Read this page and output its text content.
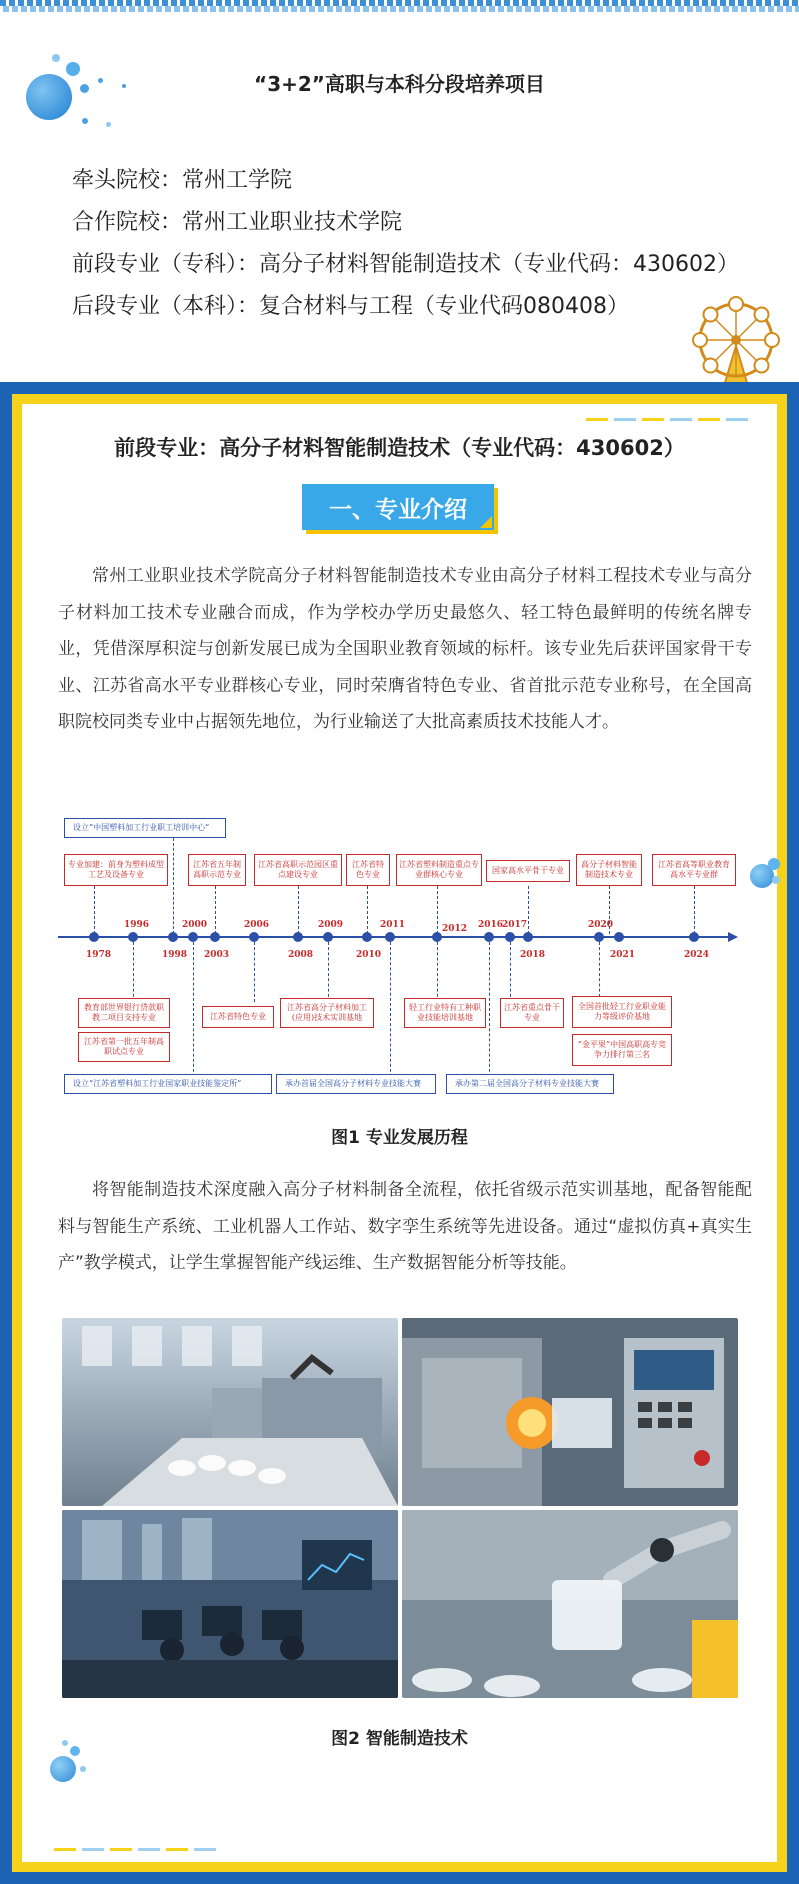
“3+2”高职与本科分段培养项目
牵头院校：常州工学院
合作院校：常州工业职业技术学院
前段专业（专科）：高分子材料智能制造技术（专业代码：430602）
后段专业（本科）：复合材料与工程（专业代码080408）
前段专业：高分子材料智能制造技术（专业代码：430602）
一、专业介绍
常州工业职业技术学院高分子材料智能制造技术专业由高分子材料工程技术专业与高分子材料加工技术专业融合而成，作为学校办学历史最悠久、轻工特色最鲜明的传统名牌专业，凭借深厚积淀与创新发展已成为全国职业教育领域的标杆。该专业先后获评国家骨干专业、江苏省高水平专业群核心专业，同时荣膺省特色专业、省首批示范专业称号，在全国高职院校同类专业中占据领先地位，为行业输送了大批高素质技术技能人才。
设立“中国塑料加工行业职工培训中心”
专业加建：前身为塑料成型工艺及设备专业
江苏省五年制高职示范专业
江苏省高职示范园区重点建设专业
江苏省特色专业
江苏省塑料制造重点专业群核心专业	国家高水平骨干专业
高分子材料智能制造技术专业
江苏省高等职业教育高水平专业群
1978
1996
1998
2000
2003
2006
2008
2009
2010
2011	2012 2016
2017
2018
2020
2021	2024
教育部世界银行贷款职教二项目支持专业
江苏省第一批五年制高职试点专业
江苏省特色专业
江苏省高分子材料加工(应用)技术实训基地
轻工行业特有工种职业技能培训基地
江苏省重点骨干专业
全国首批轻工行业职业能力等级评价基地
“金平果”中国高职高专竞争力排行第三名
设立“江苏省塑料加工行业国家职业技能鉴定所”	承办首届全国高分子材料专业技能大赛	承办第二届全国高分子材料专业技能大赛
图1 专业发展历程
将智能制造技术深度融入高分子材料制备全流程，依托省级示范实训基地，配备智能配料与智能生产系统、工业机器人工作站、数字孪生系统等先进设备。通过“虚拟仿真+真实生产”教学模式，让学生掌握智能产线运维、生产数据智能分析等技能。
图2 智能制造技术
